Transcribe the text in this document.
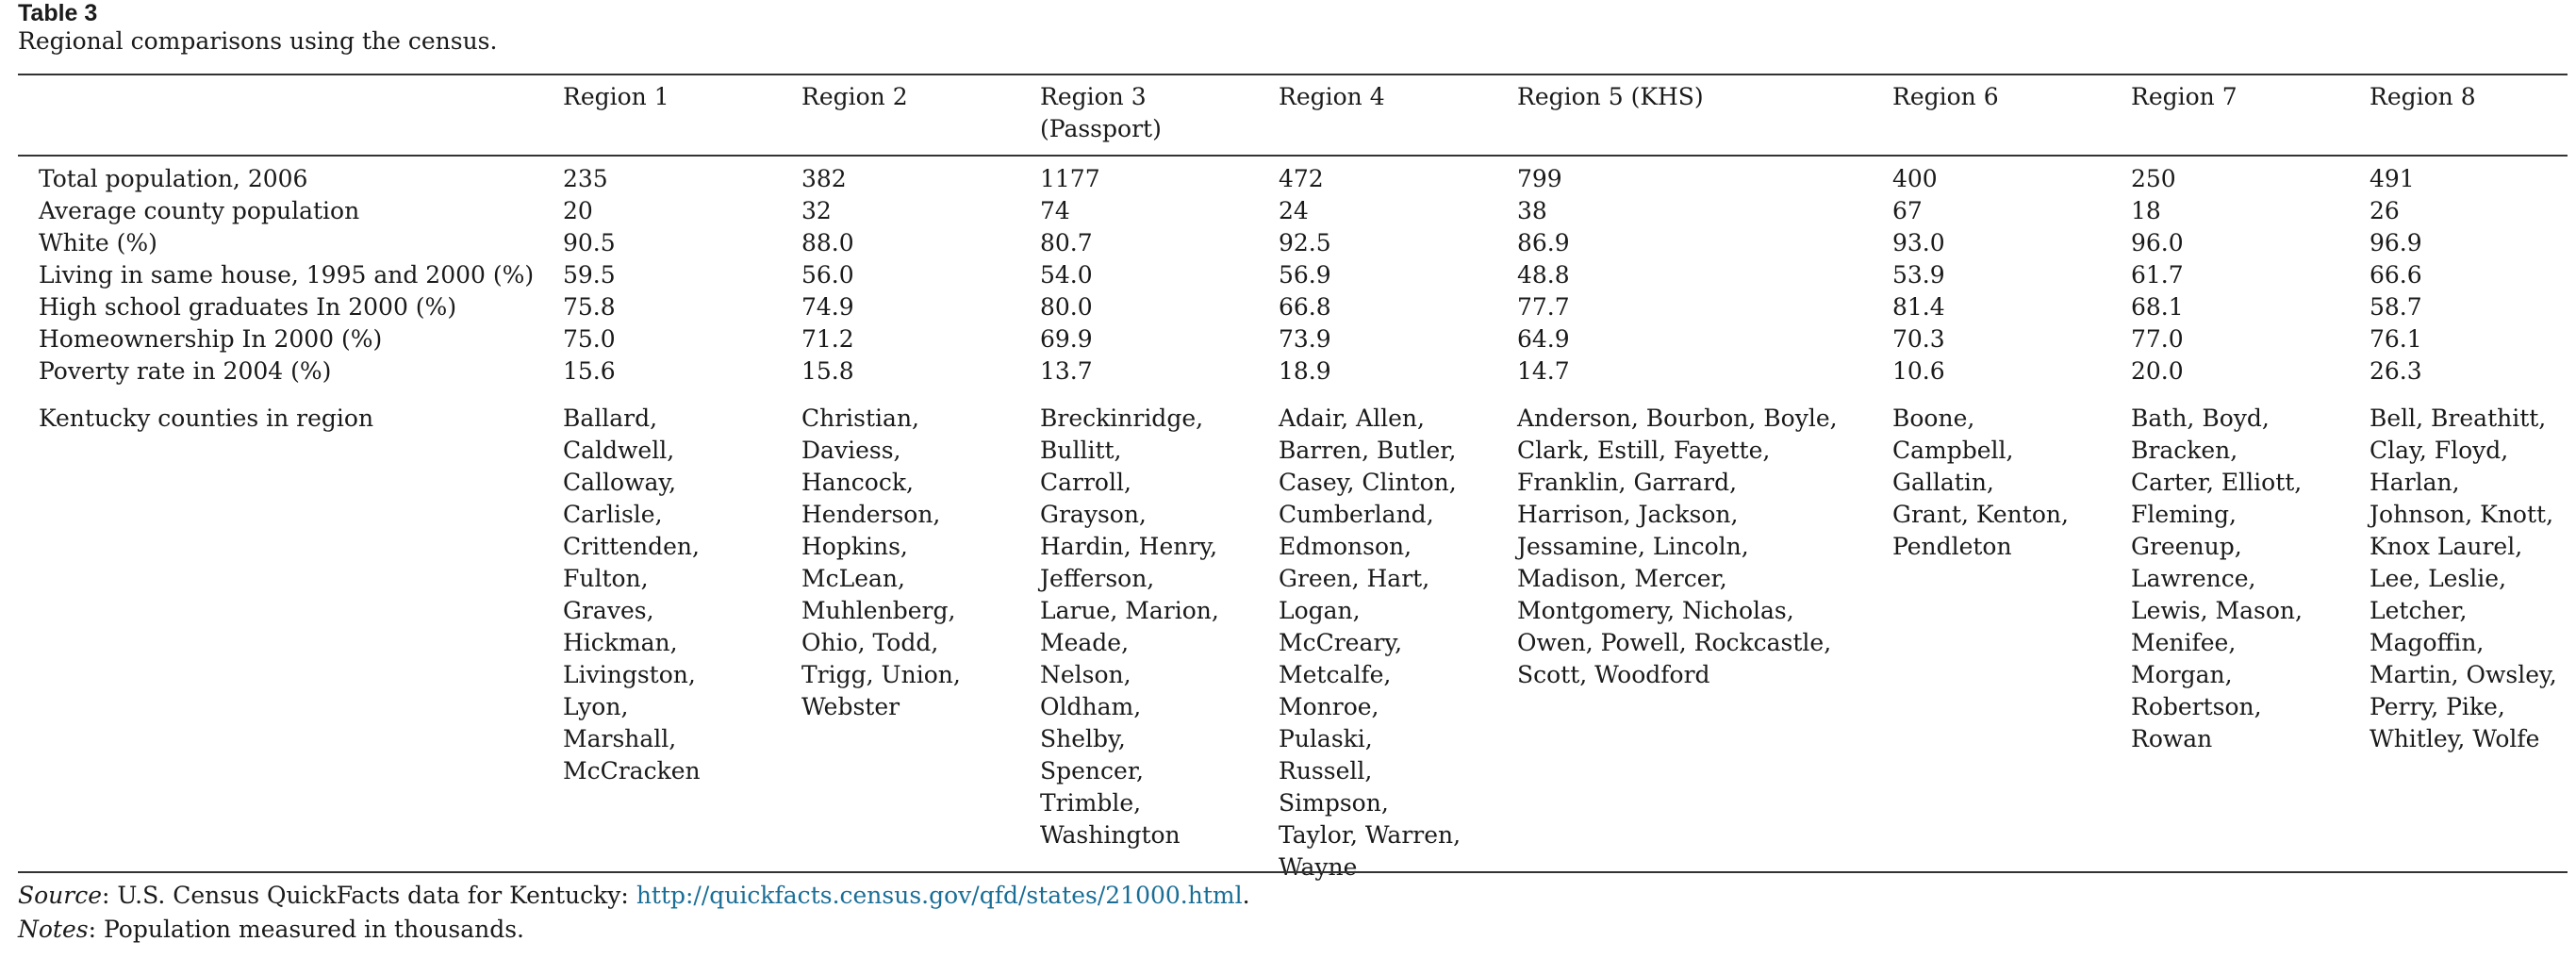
Table 3
Regional comparisons using the census.
	Region 1	Region 2	Region 3 (Passport)	Region 4	Region 5 (KHS)	Region 6	Region 7	Region 8
Total population, 2006	235	382	1177	472	799	400	250	491	
Average county population	20	32	74	24	38	67	18	26	
White (%)	90.5	88.0	80.7	92.5	86.9	93.0	96.0	96.9	
Living in same house, 1995 and 2000 (%)	59.5	56.0	54.0	56.9	48.8	53.9	61.7	66.6	
High school graduates In 2000 (%)	75.8	74.9	80.0	66.8	77.7	81.4	68.1	58.7	
Homeownership In 2000 (%)	75.0	71.2	69.9	73.9	64.9	70.3	77.0	76.1	
Poverty rate in 2004 (%)	15.6	15.8	13.7	18.9	14.7	10.6	20.0	26.3	
Kentucky counties in region	Ballard, Caldwell, Calloway, Carlisle, Crittenden, Fulton, Graves, Hickman, Livingston, Lyon, Marshall, McCracken	Christian, Daviess, Hancock, Henderson, Hopkins, McLean, Muhlenberg, Ohio, Todd, Trigg, Union, Webster	Breckinridge, Bullitt, Carroll, Grayson, Hardin, Henry, Jefferson, Larue, Marion, Meade, Nelson, Oldham, Shelby, Spencer, Trimble, Washington	Adair, Allen, Barren, Butler, Casey, Clinton, Cumberland, Edmonson, Green, Hart, Logan, McCreary, Metcalfe, Monroe, Pulaski, Russell, Simpson, Taylor, Warren, Wayne	Anderson, Bourbon, Boyle, Clark, Estill, Fayette, Franklin, Garrard, Harrison, Jackson, Jessamine, Lincoln, Madison, Mercer, Montgomery, Nicholas, Owen, Powell, Rockcastle, Scott, Woodford	Boone, Campbell, Gallatin, Grant, Kenton, Pendleton	Bath, Boyd, Bracken, Carter, Elliott, Fleming, Greenup, Lawrence, Lewis, Mason, Menifee, Morgan, Robertson, Rowan	Bell, Breathitt, Clay, Floyd, Harlan, Johnson, Knott, Knox Laurel, Lee, Leslie, Letcher, Magoffin, Martin, Owsley, Perry, Pike, Whitley, Wolfe	

Source: U.S. Census QuickFacts data for Kentucky: http://quickfacts.census.gov/qfd/states/21000.html.
Notes: Population measured in thousands.
